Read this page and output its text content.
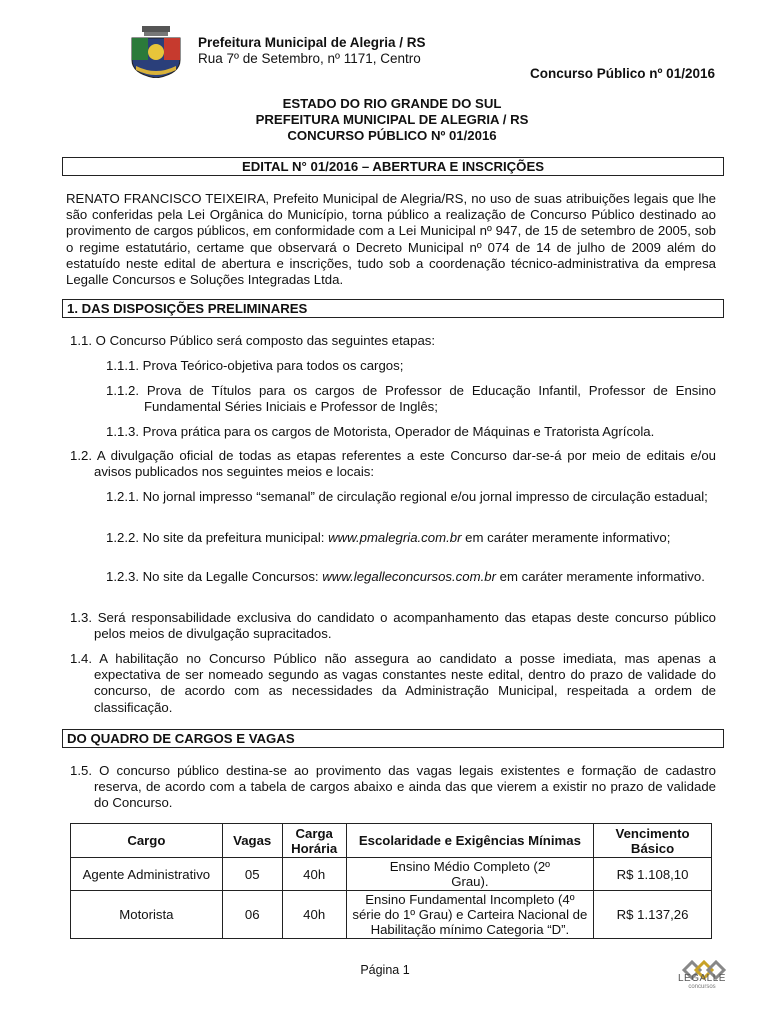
Prefeitura Municipal de Alegria / RS
Rua 7º de Setembro, nº 1171, Centro
Concurso Público nº 01/2016
ESTADO DO RIO GRANDE DO SUL
PREFEITURA MUNICIPAL DE ALEGRIA / RS
CONCURSO PÚBLICO Nº 01/2016
EDITAL N° 01/2016 – ABERTURA E INSCRIÇÕES
RENATO FRANCISCO TEIXEIRA, Prefeito Municipal de Alegria/RS, no uso de suas atribuições legais que lhe são conferidas pela Lei Orgânica do Município, torna público a realização de Concurso Público destinado ao provimento de cargos públicos, em conformidade com a Lei Municipal nº 947, de 15 de setembro de 2005, sob o regime estatutário, certame que observará o Decreto Municipal nº 074 de 14 de julho de 2009 além do estatuído neste edital de abertura e inscrições, tudo sob a coordenação técnico-administrativa da empresa Legalle Concursos e Soluções Integradas Ltda.
1. DAS DISPOSIÇÕES PRELIMINARES
1.1. O Concurso Público será composto das seguintes etapas:
1.1.1. Prova Teórico-objetiva para todos os cargos;
1.1.2. Prova de Títulos para os cargos de Professor de Educação Infantil, Professor de Ensino Fundamental Séries Iniciais e Professor de Inglês;
1.1.3. Prova prática para os cargos de Motorista, Operador de Máquinas e Tratorista Agrícola.
1.2. A divulgação oficial de todas as etapas referentes a este Concurso dar-se-á por meio de editais e/ou avisos publicados nos seguintes meios e locais:
1.2.1. No jornal impresso “semanal” de circulação regional e/ou jornal impresso de circulação estadual;
1.2.2. No site da prefeitura municipal: www.pmalegria.com.br em caráter meramente informativo;
1.2.3. No site da Legalle Concursos: www.legalleconcursos.com.br em caráter meramente informativo.
1.3. Será responsabilidade exclusiva do candidato o acompanhamento das etapas deste concurso público pelos meios de divulgação supracitados.
1.4. A habilitação no Concurso Público não assegura ao candidato a posse imediata, mas apenas a expectativa de ser nomeado segundo as vagas constantes neste edital, dentro do prazo de validade do concurso, de acordo com as necessidades da Administração Municipal, respeitada a ordem de classificação.
DO QUADRO DE CARGOS E VAGAS
1.5. O concurso público destina-se ao provimento das vagas legais existentes e formação de cadastro reserva, de acordo com a tabela de cargos abaixo e ainda das que vierem a existir no prazo de validade do Concurso.
Cargo	Vagas	Carga Horária	Escolaridade e Exigências Mínimas	Vencimento Básico
Agente Administrativo	05	40h	Ensino Médio Completo (2º Grau).	R$ 1.108,10
Motorista	06	40h	Ensino Fundamental Incompleto (4º série do 1º Grau) e Carteira Nacional de Habilitação mínimo Categoria “D”.	R$ 1.137,26
Página 1
LEGALLE
concursos
